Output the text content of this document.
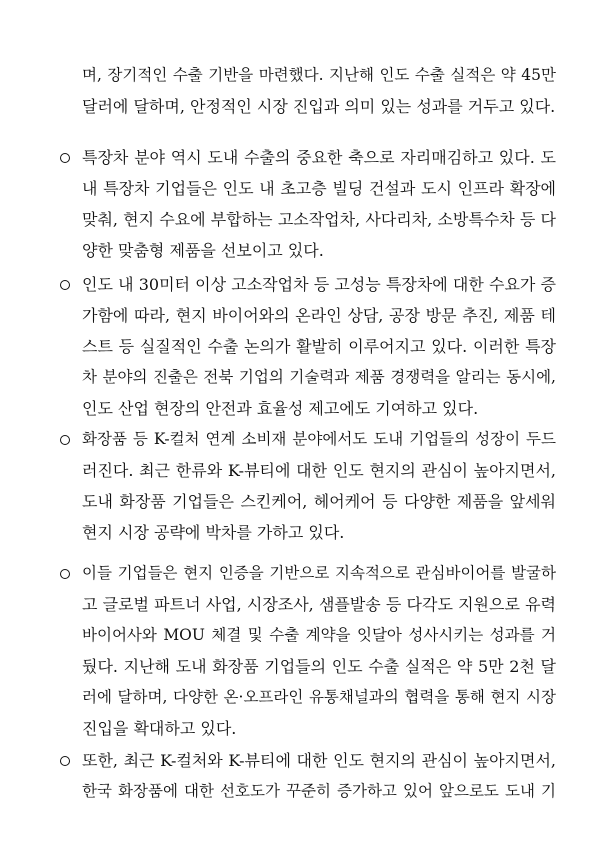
며, 장기적인 수출 기반을 마련했다. 지난해 인도 수출 실적은 약 45만
달러에 달하며, 안정적인 시장 진입과 의미 있는 성과를 거두고 있다.
특장차 분야 역시 도내 수출의 중요한 축으로 자리매김하고 있다. 도
내 특장차 기업들은 인도 내 초고층 빌딩 건설과 도시 인프라 확장에
맞춰, 현지 수요에 부합하는 고소작업차, 사다리차, 소방특수차 등 다
양한 맞춤형 제품을 선보이고 있다.
인도 내 30미터 이상 고소작업차 등 고성능 특장차에 대한 수요가 증
가함에 따라, 현지 바이어와의 온라인 상담, 공장 방문 추진, 제품 테
스트 등 실질적인 수출 논의가 활발히 이루어지고 있다. 이러한 특장
차 분야의 진출은 전북 기업의 기술력과 제품 경쟁력을 알리는 동시에,
인도 산업 현장의 안전과 효율성 제고에도 기여하고 있다.
화장품 등 K-컬처 연계 소비재 분야에서도 도내 기업들의 성장이 두드
러진다. 최근 한류와 K-뷰티에 대한 인도 현지의 관심이 높아지면서,
도내 화장품 기업들은 스킨케어, 헤어케어 등 다양한 제품을 앞세워
현지 시장 공략에 박차를 가하고 있다.
이들 기업들은 현지 인증을 기반으로 지속적으로 관심바이어를 발굴하
고 글로벌 파트너 사업, 시장조사, 샘플발송 등 다각도 지원으로 유력
바이어사와 MOU 체결 및 수출 계약을 잇달아 성사시키는 성과를 거
뒀다. 지난해 도내 화장품 기업들의 인도 수출 실적은 약 5만 2천 달
러에 달하며, 다양한 온·오프라인 유통채널과의 협력을 통해 현지 시장
진입을 확대하고 있다.
또한, 최근 K-컬처와 K-뷰티에 대한 인도 현지의 관심이 높아지면서,
한국 화장품에 대한 선호도가 꾸준히 증가하고 있어 앞으로도 도내 기
